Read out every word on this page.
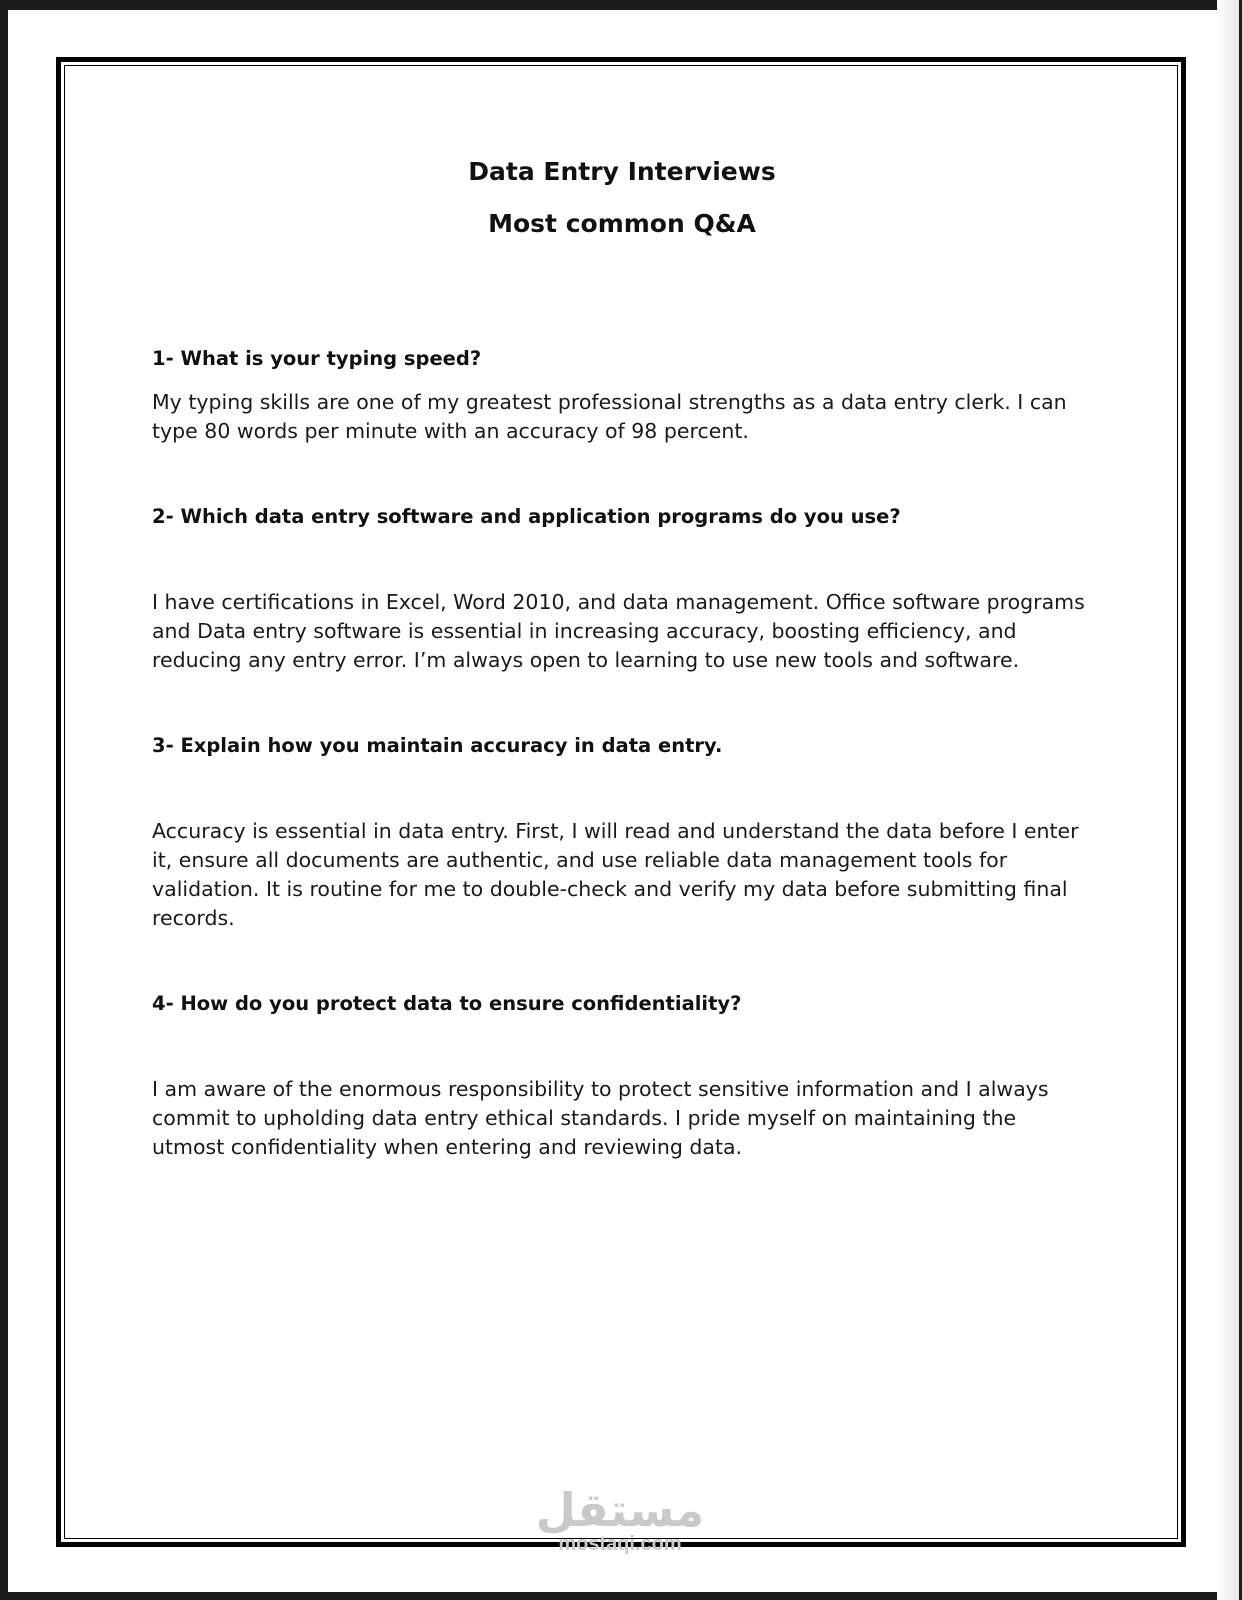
Data Entry Interviews
Most common Q&A

1- What is your typing speed?

My typing skills are one of my greatest professional strengths as a data entry clerk. I can type 80 words per minute with an accuracy of 98 percent.

2- Which data entry software and application programs do you use?

I have certifications in Excel, Word 2010, and data management. Office software programs and Data entry software is essential in increasing accuracy, boosting efficiency, and reducing any entry error. I’m always open to learning to use new tools and software.

3- Explain how you maintain accuracy in data entry.

Accuracy is essential in data entry. First, I will read and understand the data before I enter it, ensure all documents are authentic, and use reliable data management tools for validation. It is routine for me to double-check and verify my data before submitting final records.

4- How do you protect data to ensure confidentiality?

I am aware of the enormous responsibility to protect sensitive information and I always commit to upholding data entry ethical standards. I pride myself on maintaining the utmost confidentiality when entering and reviewing data.

مستقل
mostaqi.com
